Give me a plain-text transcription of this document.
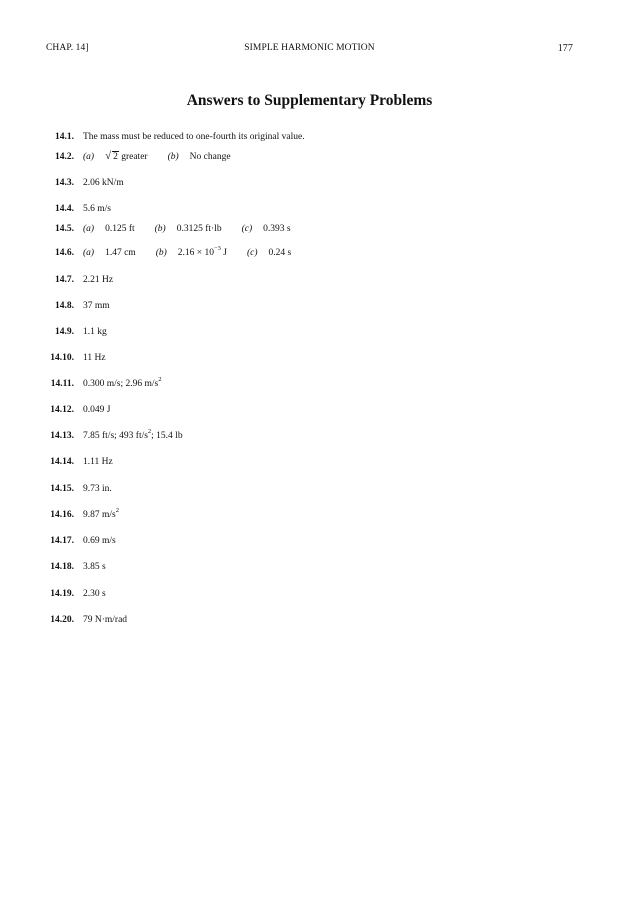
CHAP. 14]	SIMPLE HARMONIC MOTION	177
Answers to Supplementary Problems
14.1. The mass must be reduced to one-fourth its original value.
14.2. (a) √ 2 greater (b) No change
14.3. 2.06 kN/m
14.4. 5.6 m/s
14.5. (a) 0.125 ft (b) 0.3125 ft·lb (c) 0.393 s
14.6. (a) 1.47 cm (b) $2.16 \times 10^{-3}$ J (c) 0.24 s
14.7. 2.21 Hz
14.8. 37 mm
14.9. 1.1 kg
14.10. 11 Hz
14.11. 0.300 m/s; 2.96 $m/s^2$
14.12. 0.049 J
14.13. 7.85 ft/s; 493 $ft/s^2$; 15.4 lb
14.14. 1.11 Hz
14.15. 9.73 in.
14.16. 9.87 $m/s^2$
14.17. 0.69 m/s
14.18. 3.85 s
14.19. 2.30 s
14.20. 79 N·m/rad
